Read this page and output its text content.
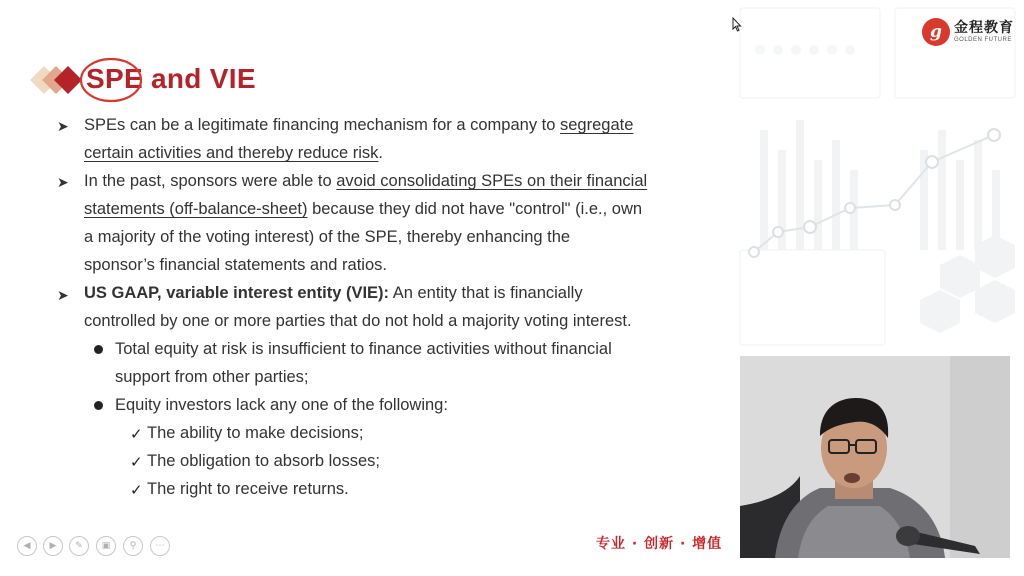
g 金程教育
GOLDEN FUTURE
SPE and VIE
➤
➤
➤
SPEs can be a legitimate financing mechanism for a company to segregate
certain activities and thereby reduce risk.
In the past, sponsors were able to avoid consolidating SPEs on their financial
statements (off-balance-sheet) because they did not have "control" (i.e., own
a majority of the voting interest) of the SPE, thereby enhancing the
sponsor’s financial statements and ratios.
US GAAP, variable interest entity (VIE): An entity that is financially
controlled by one or more parties that do not hold a majority voting interest.
Total equity at risk is insufficient to finance activities without financial
support from other parties;
Equity investors lack any one of the following:
✓ The ability to make decisions;
✓ The obligation to absorb losses;
✓ The right to receive returns.
◀	▶	✎	▣	⚲	⋯	专业 · 创新 · 增值
